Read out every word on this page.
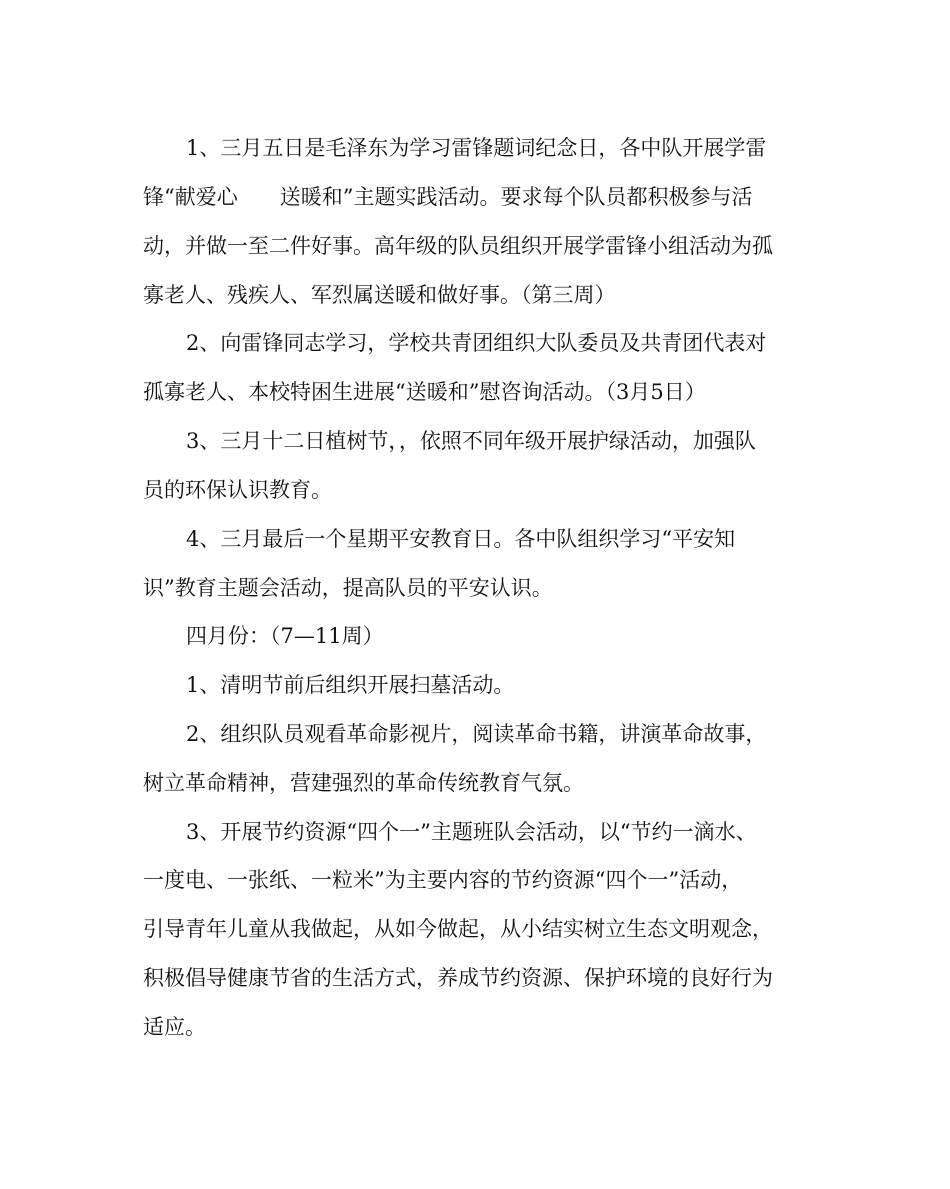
1、三月五日是毛泽东为学习雷锋题词纪念日，各中队开展学雷

锋“献爱心　　送暖和”主题实践活动。要求每个队员都积极参与活

动，并做一至二件好事。高年级的队员组织开展学雷锋小组活动为孤

寡老人、残疾人、军烈属送暖和做好事。（第三周）

2、向雷锋同志学习，学校共青团组织大队委员及共青团代表对

孤寡老人、本校特困生进展“送暖和”慰咨询活动。（3月5日）

3、三月十二日植树节，，依照不同年级开展护绿活动，加强队

员的环保认识教育。

4、三月最后一个星期平安教育日。各中队组织学习“平安知

识”教育主题会活动，提高队员的平安认识。

四月份：（7—11周）

1、清明节前后组织开展扫墓活动。

2、组织队员观看革命影视片，阅读革命书籍，讲演革命故事，

树立革命精神，营建强烈的革命传统教育气氛。

3、开展节约资源“四个一”主题班队会活动，以“节约一滴水、

一度电、一张纸、一粒米”为主要内容的节约资源“四个一”活动，

引导青年儿童从我做起，从如今做起，从小结实树立生态文明观念，

积极倡导健康节省的生活方式，养成节约资源、保护环境的良好行为

适应。
